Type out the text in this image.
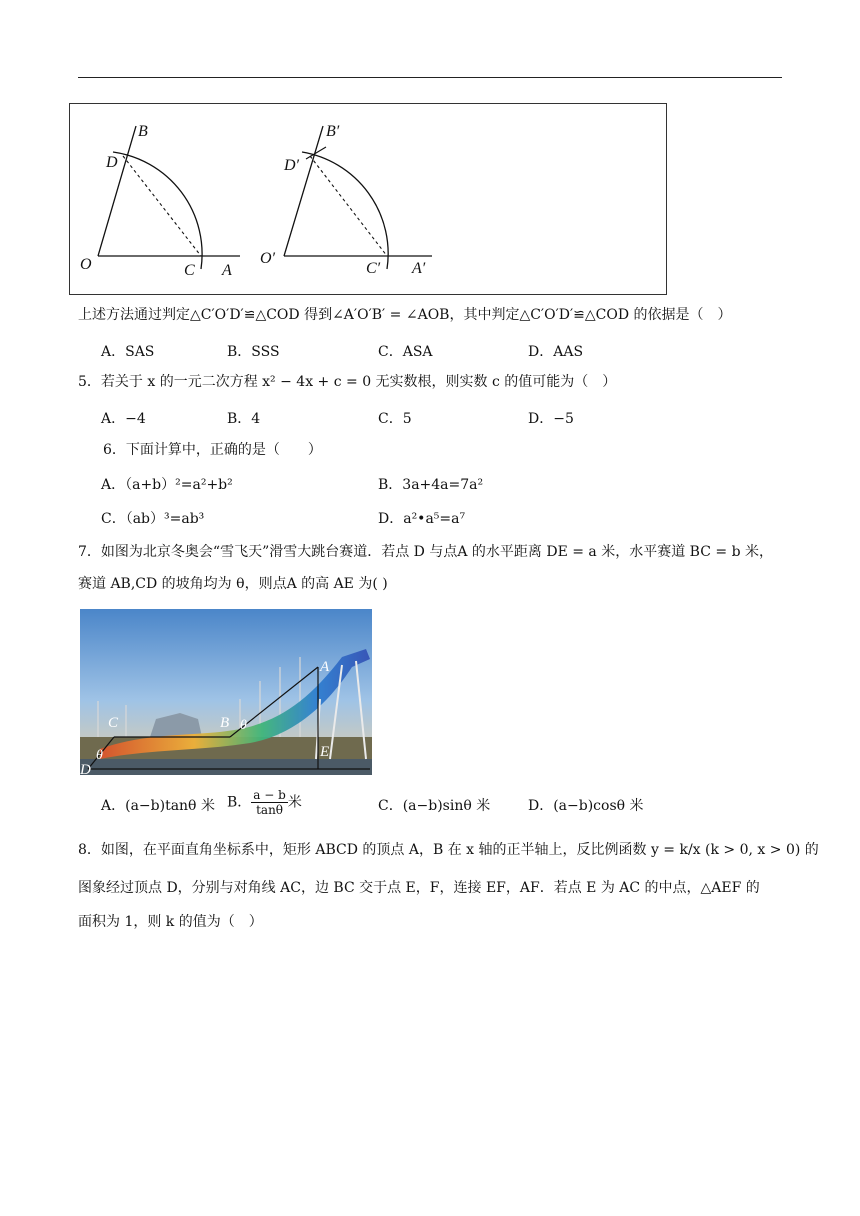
B
D
O	C A
B′
D′
O′
C′ A′
上述方法通过判定△C′O′D′≌△COD 得到∠A′O′B′ = ∠AOB，其中判定△C′O′D′≌△COD 的依据是（　）
A．SAS	B．SSS	C．ASA	D．AAS
5．若关于 x 的一元二次方程 x² − 4x + c = 0 无实数根，则实数 c 的值可能为（　）
A．−4	B．4	C．5	D．−5
6．下面计算中，正确的是（　　）
A．（a+b）²=a²+b²	B．3a+4a=7a²
C．（ab）³=ab³	D．a²•a⁵=a⁷
7．如图为北京冬奥会“雪飞天”滑雪大跳台赛道．若点 D 与点A 的水平距离 DE = a 米，水平赛道 BC = b 米，
赛道 AB,CD 的坡角均为 θ，则点A 的高 AE 为( )
C	B θ
θ
A
E
D
A．(a−b)tanθ 米 B． $\frac{a - b}{\tan\theta}$ 米	C．(a−b)sinθ 米	D．(a−b)cosθ 米
8．如图，在平面直角坐标系中，矩形 ABCD 的顶点 A，B 在 x 轴的正半轴上，反比例函数 y = k/x (k > 0, x > 0) 的
图象经过顶点 D，分别与对角线 AC，边 BC 交于点 E，F，连接 EF，AF．若点 E 为 AC 的中点，△AEF 的
面积为 1，则 k 的值为（　）
